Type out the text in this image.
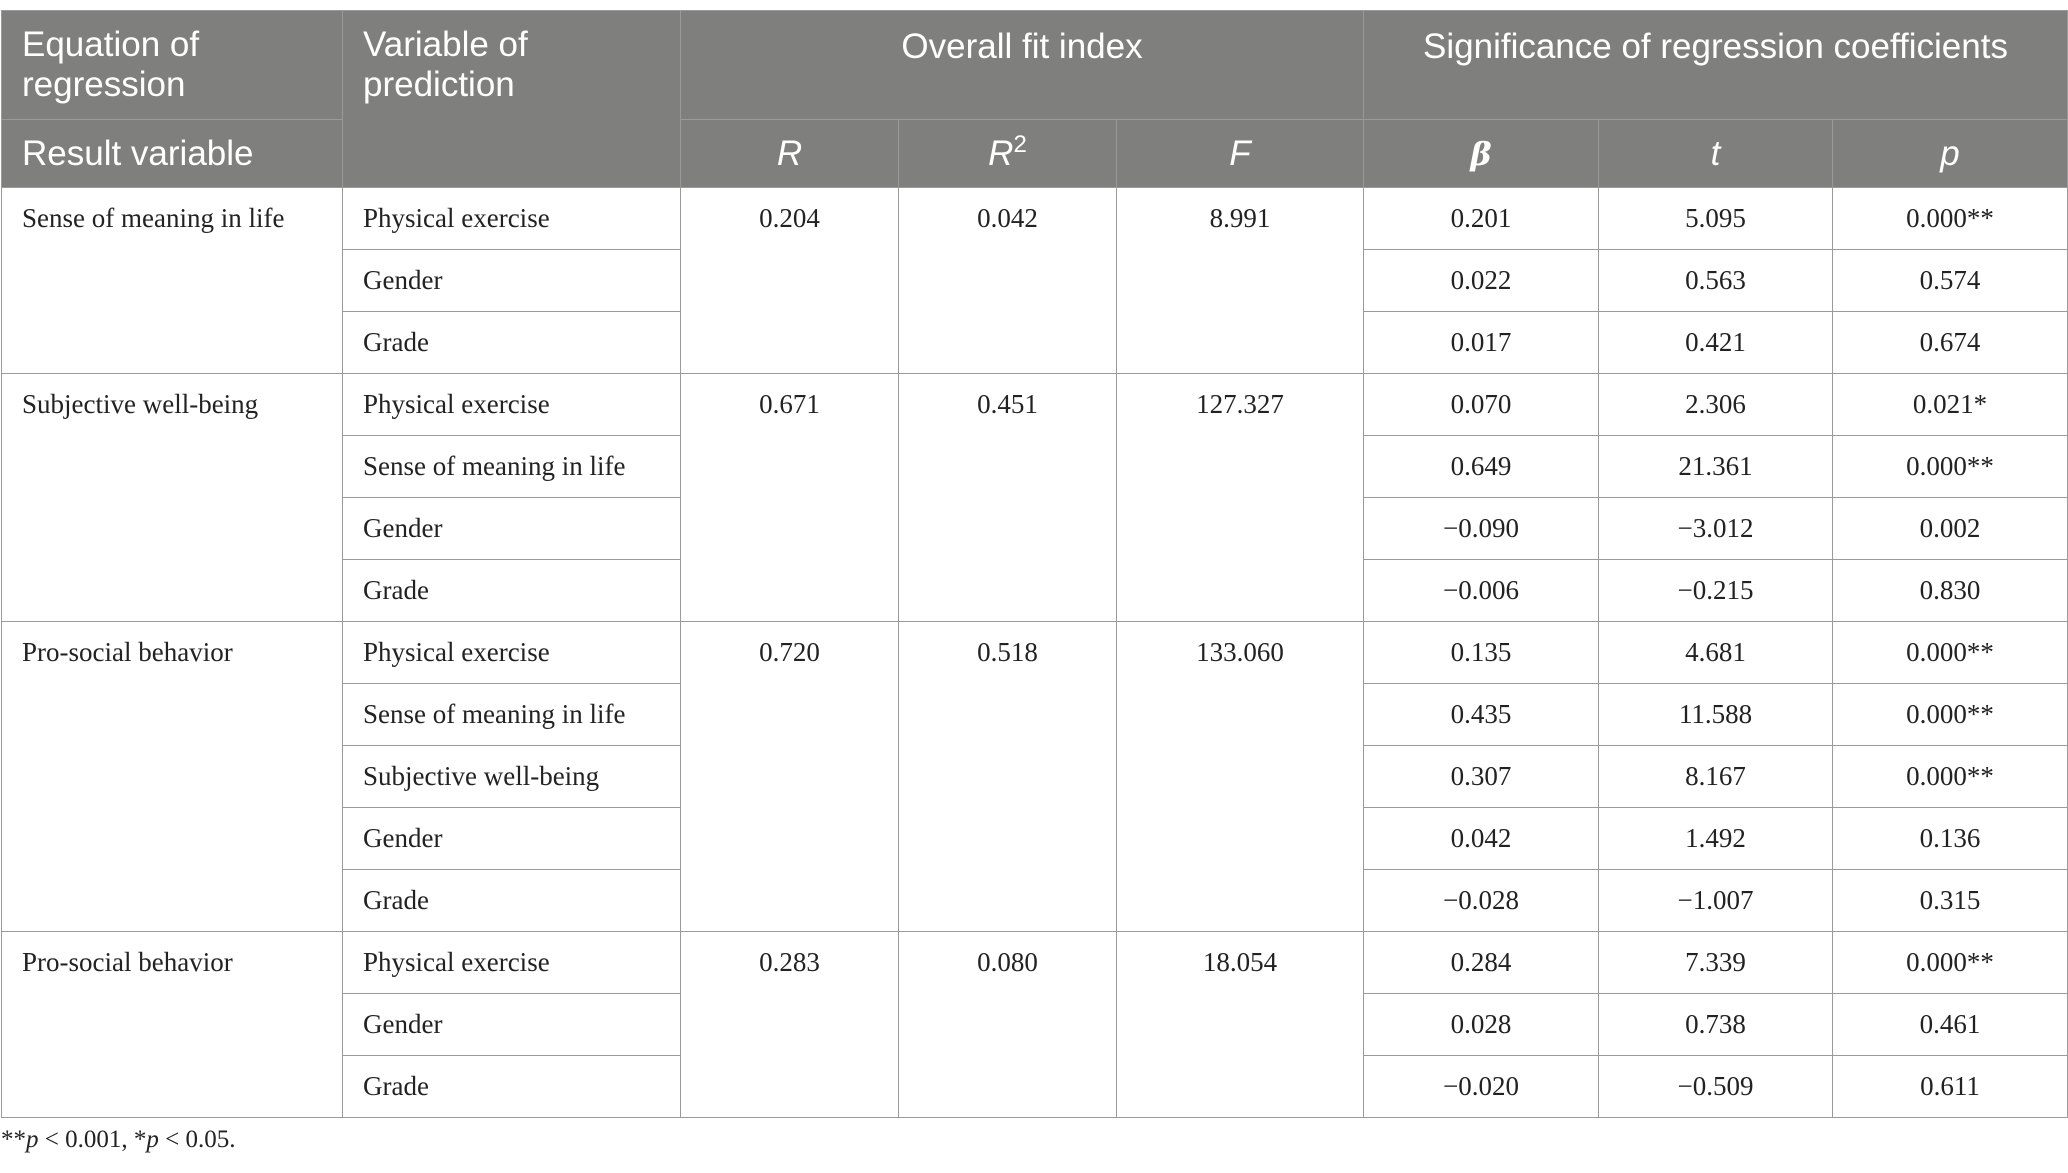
Equation of regression	Variable of prediction	Overall fit index			Significance of regression coefficients		
Result variable		R	$R^2$	F	β	t	p
Sense of meaning in life	Physical exercise	0.204	0.042	8.991	0.201	5.095	0.000**
	Gender				0.022	0.563	0.574
	Grade				0.017	0.421	0.674
Subjective well-being	Physical exercise	0.671	0.451	127.327	0.070	2.306	0.021*
	Sense of meaning in life				0.649	21.361	0.000**
	Gender				−0.090	−3.012	0.002
	Grade				−0.006	−0.215	0.830
Pro-social behavior	Physical exercise	0.720	0.518	133.060	0.135	4.681	0.000**
	Sense of meaning in life				0.435	11.588	0.000**
	Subjective well-being				0.307	8.167	0.000**
	Gender				0.042	1.492	0.136
	Grade				−0.028	−1.007	0.315
Pro-social behavior	Physical exercise	0.283	0.080	18.054	0.284	7.339	0.000**
	Gender				0.028	0.738	0.461
	Grade				−0.020	−0.509	0.611
**p < 0.001, *p < 0.05.
